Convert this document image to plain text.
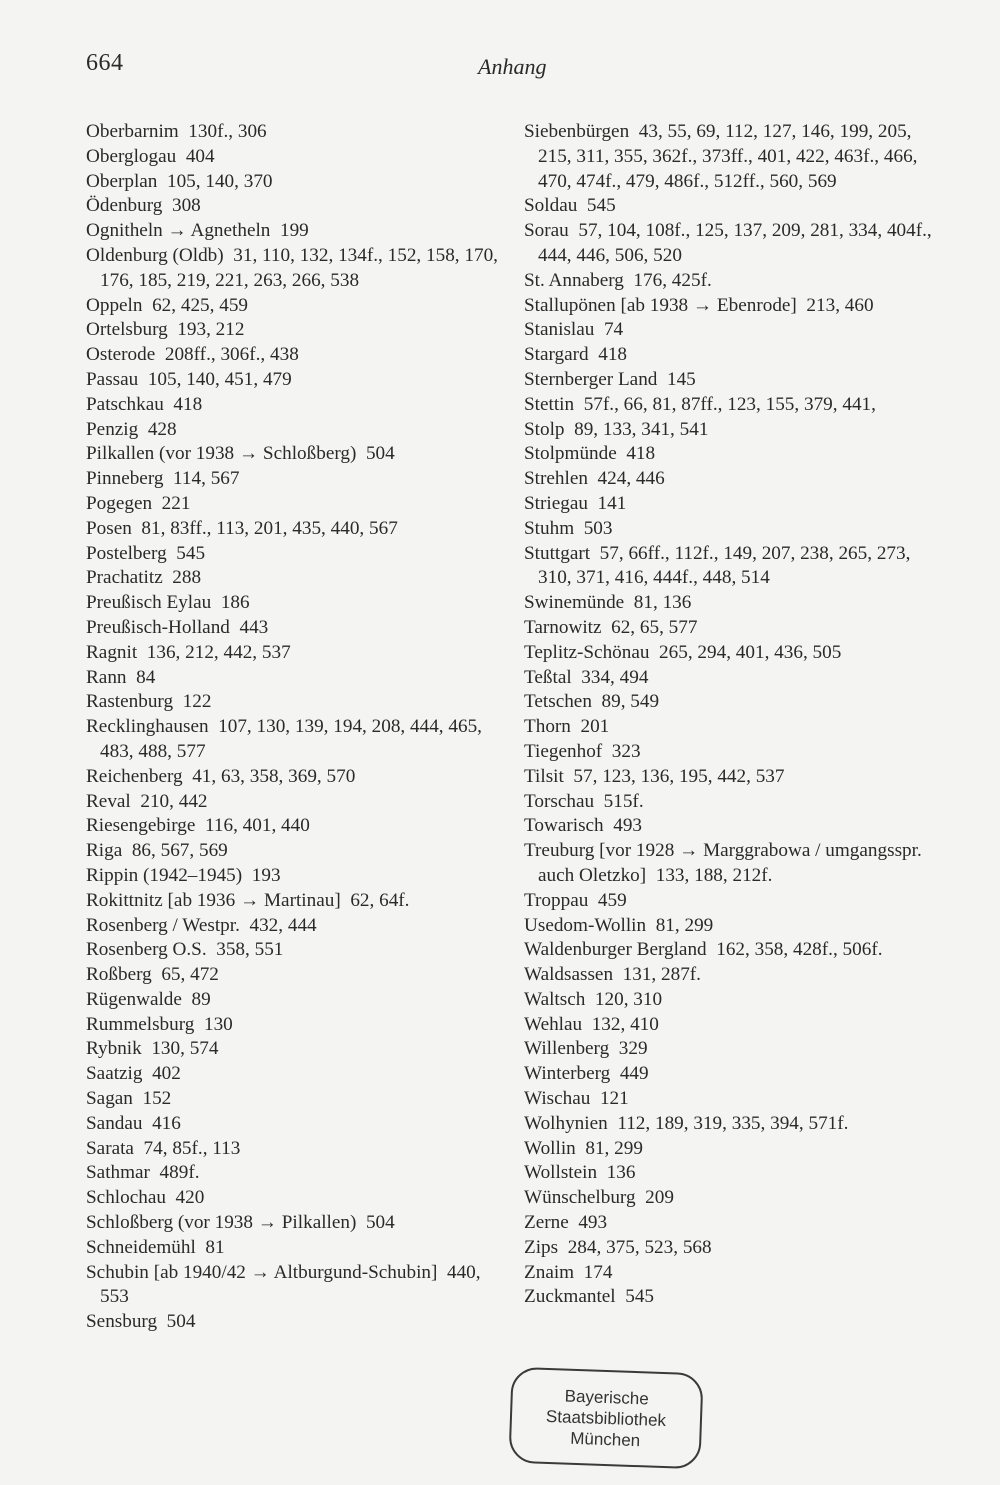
664	Anhang
Oberbarnim  130f., 306
Oberglogau  404
Oberplan  105, 140, 370
Ödenburg  308
Ognitheln → Agnetheln  199
Oldenburg (Oldb)  31, 110, 132, 134f., 152, 158, 170, 176, 185, 219, 221, 263, 266, 538
Oppeln  62, 425, 459
Ortelsburg  193, 212
Osterode  208ff., 306f., 438
Passau  105, 140, 451, 479
Patschkau  418
Penzig  428
Pilkallen (vor 1938 → Schloßberg)  504
Pinneberg  114, 567
Pogegen  221
Posen  81, 83ff., 113, 201, 435, 440, 567
Postelberg  545
Prachatitz  288
Preußisch Eylau  186
Preußisch-Holland  443
Ragnit  136, 212, 442, 537
Rann  84
Rastenburg  122
Recklinghausen  107, 130, 139, 194, 208, 444, 465, 483, 488, 577
Reichenberg  41, 63, 358, 369, 570
Reval  210, 442
Riesengebirge  116, 401, 440
Riga  86, 567, 569
Rippin (1942–1945)  193
Rokittnitz [ab 1936 → Martinau]  62, 64f.
Rosenberg / Westpr.  432, 444
Rosenberg O.S.  358, 551
Roßberg  65, 472
Rügenwalde  89
Rummelsburg  130
Rybnik  130, 574
Saatzig  402
Sagan  152
Sandau  416
Sarata  74, 85f., 113
Sathmar  489f.
Schlochau  420
Schloßberg (vor 1938 → Pilkallen)  504
Schneidemühl  81
Schubin [ab 1940/42 → Altburgund-Schubin]  440, 553
Sensburg  504
Siebenbürgen  43, 55, 69, 112, 127, 146, 199, 205, 215, 311, 355, 362f., 373ff., 401, 422, 463f., 466, 470, 474f., 479, 486f., 512ff., 560, 569
Soldau  545
Sorau  57, 104, 108f., 125, 137, 209, 281, 334, 404f., 444, 446, 506, 520
St. Annaberg  176, 425f.
Stallupönen [ab 1938 → Ebenrode]  213, 460
Stanislau  74
Stargard  418
Sternberger Land  145
Stettin  57f., 66, 81, 87ff., 123, 155, 379, 441,
Stolp  89, 133, 341, 541
Stolpmünde  418
Strehlen  424, 446
Striegau  141
Stuhm  503
Stuttgart  57, 66ff., 112f., 149, 207, 238, 265, 273, 310, 371, 416, 444f., 448, 514
Swinemünde  81, 136
Tarnowitz  62, 65, 577
Teplitz-Schönau  265, 294, 401, 436, 505
Teßtal  334, 494
Tetschen  89, 549
Thorn  201
Tiegenhof  323
Tilsit  57, 123, 136, 195, 442, 537
Torschau  515f.
Towarisch  493
Treuburg [vor 1928 → Marggrabowa / umgangsspr. auch Oletzko]  133, 188, 212f.
Troppau  459
Usedom-Wollin  81, 299
Waldenburger Bergland  162, 358, 428f., 506f.
Waldsassen  131, 287f.
Waltsch  120, 310
Wehlau  132, 410
Willenberg  329
Winterberg  449
Wischau  121
Wolhynien  112, 189, 319, 335, 394, 571f.
Wollin  81, 299
Wollstein  136
Wünschelburg  209
Zerne  493
Zips  284, 375, 523, 568
Znaim  174
Zuckmantel  545
Bayerische
Staatsbibliothek
München
